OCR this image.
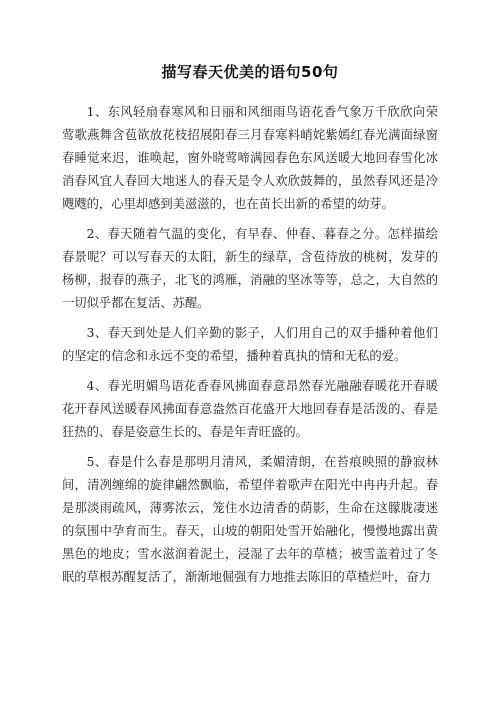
描写春天优美的语句50句

1、东风轻扇春寒风和日丽和风细雨鸟语花香气象万千欣欣向荣莺歌燕舞含苞欲放花枝招展阳春三月春寒料峭姹紫嫣红春光满面绿窗春睡觉来迟，谁唤起，窗外晓莺啼满园春色东风送暖大地回春雪化冰消春风宜人春回大地迷人的春天是令人欢欣鼓舞的，虽然春风还是冷飕飕的，心里却感到美滋滋的，也在苗长出新的希望的幼芽。

2、春天随着气温的变化，有早春、仲春、暮春之分。怎样描绘春景呢？可以写春天的太阳，新生的绿草，含苞待放的桃树，发芽的杨柳，报春的燕子，北飞的鸿雁，消融的坚冰等等，总之，大自然的一切似乎都在复活、苏醒。

3、春天到处是人们辛勤的影子，人们用自己的双手播种着他们的坚定的信念和永远不变的希望，播种着真执的情和无私的爱。

4、春光明媚鸟语花香春风拂面春意昂然春光融融春暖花开春暖花开春风送暖春风拂面春意盎然百花盛开大地回春春是活泼的、春是狂热的、春是姿意生长的、春是年青旺盛的。

5、春是什么春是那明月清风，柔媚清朗，在苔痕映照的静寂林间，清冽缠绵的旋律翩然飘临，希望伴着歌声在阳光中冉冉升起。春是那淡雨疏风，薄雾浓云，笼住水边清香的荫影，生命在这朦胧凄迷的氛围中孕育而生。春天，山坡的朝阳处雪开始融化，慢慢地露出黄黑色的地皮；雪水滋润着泥土，浸湿了去年的草楂；被雪盖着过了冬眠的草根苏醒复活了，渐渐地倔强有力地推去陈旧的草楂烂叶，奋力
